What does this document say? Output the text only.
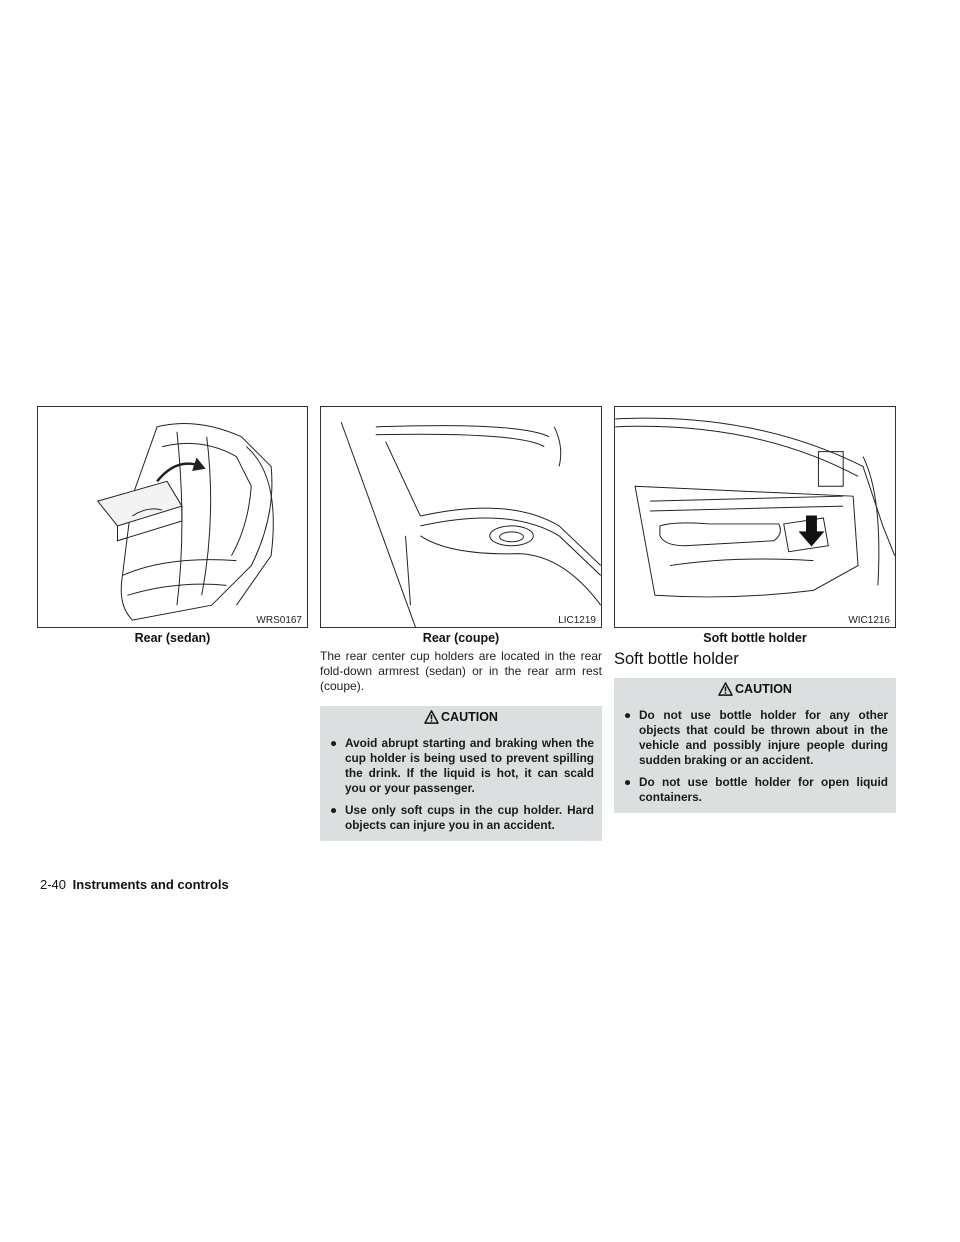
WRS0167
Rear (sedan)
LIC1219
Rear (coupe)
WIC1216
Soft bottle holder

The rear center cup holders are located in the rear fold-down armrest (sedan) or in the rear arm rest (coupe).

CAUTION
● Avoid abrupt starting and braking when the cup holder is being used to prevent spilling the drink. If the liquid is hot, it can scald you or your passenger.
● Use only soft cups in the cup holder. Hard objects can injure you in an accident.
Soft bottle holder
CAUTION
● Do not use bottle holder for any other objects that could be thrown about in the vehicle and possibly injure people during sudden braking or an accident.
● Do not use bottle holder for open liquid containers.
2-40 Instruments and controls
